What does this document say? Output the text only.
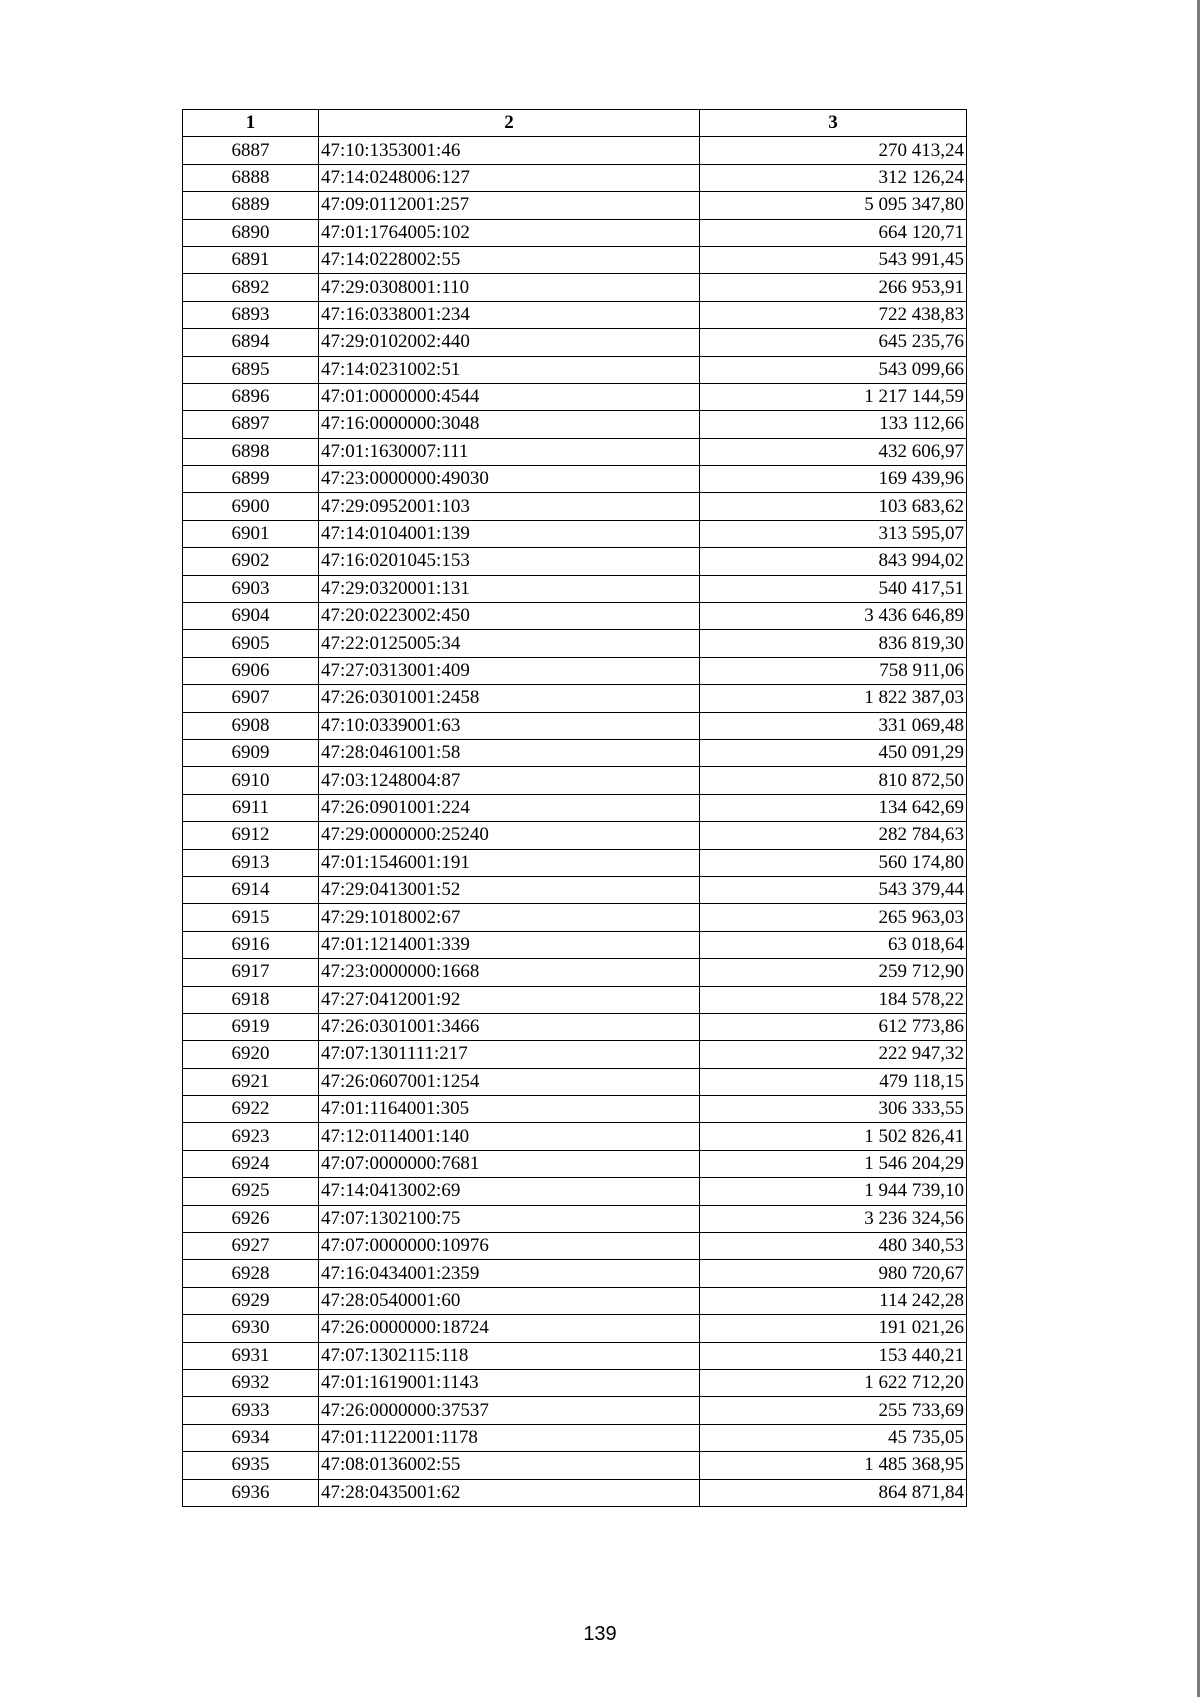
1	2	3
6887	47:10:1353001:46	270 413,24
6888	47:14:0248006:127	312 126,24
6889	47:09:0112001:257	5 095 347,80
6890	47:01:1764005:102	664 120,71
6891	47:14:0228002:55	543 991,45
6892	47:29:0308001:110	266 953,91
6893	47:16:0338001:234	722 438,83
6894	47:29:0102002:440	645 235,76
6895	47:14:0231002:51	543 099,66
6896	47:01:0000000:4544	1 217 144,59
6897	47:16:0000000:3048	133 112,66
6898	47:01:1630007:111	432 606,97
6899	47:23:0000000:49030	169 439,96
6900	47:29:0952001:103	103 683,62
6901	47:14:0104001:139	313 595,07
6902	47:16:0201045:153	843 994,02
6903	47:29:0320001:131	540 417,51
6904	47:20:0223002:450	3 436 646,89
6905	47:22:0125005:34	836 819,30
6906	47:27:0313001:409	758 911,06
6907	47:26:0301001:2458	1 822 387,03
6908	47:10:0339001:63	331 069,48
6909	47:28:0461001:58	450 091,29
6910	47:03:1248004:87	810 872,50
6911	47:26:0901001:224	134 642,69
6912	47:29:0000000:25240	282 784,63
6913	47:01:1546001:191	560 174,80
6914	47:29:0413001:52	543 379,44
6915	47:29:1018002:67	265 963,03
6916	47:01:1214001:339	63 018,64
6917	47:23:0000000:1668	259 712,90
6918	47:27:0412001:92	184 578,22
6919	47:26:0301001:3466	612 773,86
6920	47:07:1301111:217	222 947,32
6921	47:26:0607001:1254	479 118,15
6922	47:01:1164001:305	306 333,55
6923	47:12:0114001:140	1 502 826,41
6924	47:07:0000000:7681	1 546 204,29
6925	47:14:0413002:69	1 944 739,10
6926	47:07:1302100:75	3 236 324,56
6927	47:07:0000000:10976	480 340,53
6928	47:16:0434001:2359	980 720,67
6929	47:28:0540001:60	114 242,28
6930	47:26:0000000:18724	191 021,26
6931	47:07:1302115:118	153 440,21
6932	47:01:1619001:1143	1 622 712,20
6933	47:26:0000000:37537	255 733,69
6934	47:01:1122001:1178	45 735,05
6935	47:08:0136002:55	1 485 368,95
6936	47:28:0435001:62	864 871,84
139
